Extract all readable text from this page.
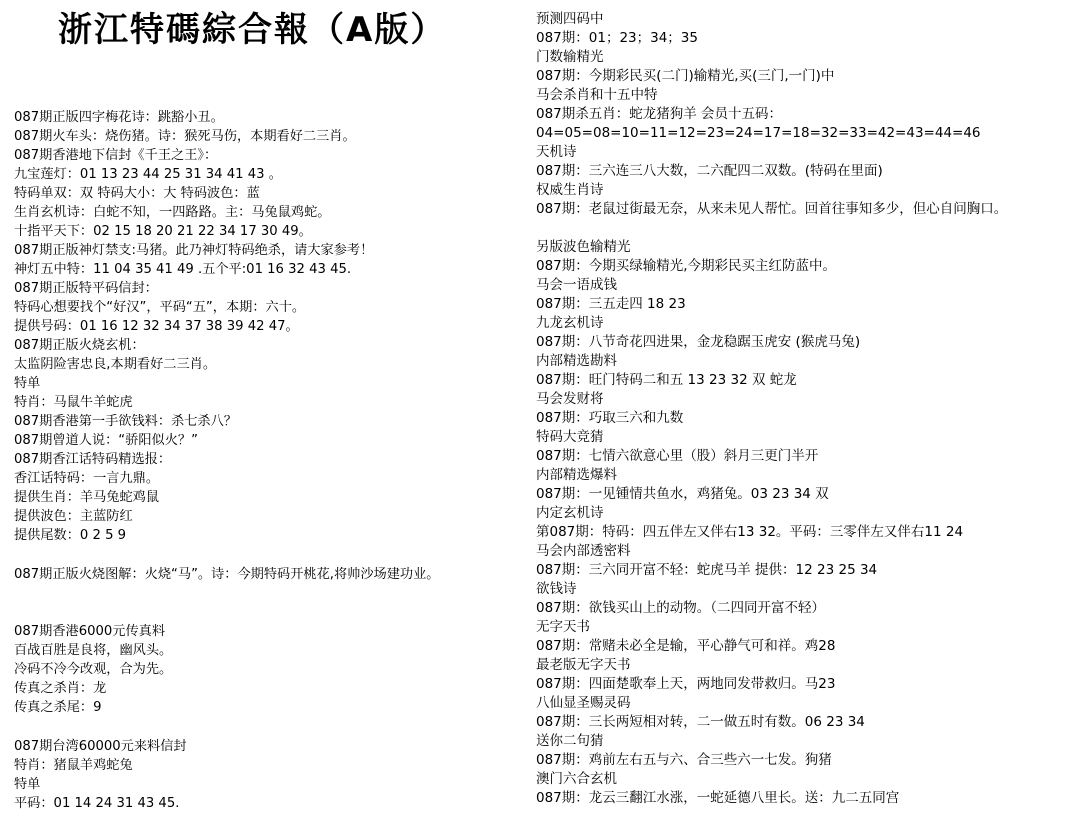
浙江特碼綜合報（A版）
087期正版四字梅花诗：跳豁小丑。
087期火车头：烧伤猪。诗：猴死马伤，本期看好二三肖。
087期香港地下信封《千王之王》：
九宝莲灯：01 13 23 44 25 31 34 41 43 。
特码单双：双 特码大小：大 特码波色：蓝
生肖玄机诗：白蛇不知，一四路路。主：马兔鼠鸡蛇。
十指平天下：02 15 18 20 21 22 34 17 30 49。
087期正版神灯禁支:马猪。此乃神灯特码绝杀，请大家参考！
神灯五中特：11 04 35 41 49 .五个平:01 16 32 43 45.
087期正版特平码信封：
特码心想要找个“好汉”，平码“五”，本期：六十。
提供号码：01 16 12 32 34 37 38 39 42 47。
087期正版火烧玄机：
太监阴险害忠良,本期看好二三肖。
特单
特肖：马鼠牛羊蛇虎
087期香港第一手欲钱料：杀七杀八？
087期曾道人说：“骄阳似火？”
087期香江话特码精选报：
香江话特码：一言九鼎。
提供生肖：羊马兔蛇鸡鼠
提供波色：主蓝防红
提供尾数：0 2 5 9
087期正版火烧图解：火烧“马”。诗：今期特码开桃花,将帅沙场建功业。
087期香港6000元传真料
百战百胜是良将，幽风头。
冷码不冷今改观，合为先。
传真之杀肖：龙
传真之杀尾：9
087期台湾60000元来料信封
特肖：猪鼠羊鸡蛇兔
特单
平码：01 14 24 31 43 45.
预测四码中
087期：01；23；34；35
门数输精光
087期：今期彩民买(二门)输精光,买(三门,一门)中
马会杀肖和十五中特
087期杀五肖：蛇龙猪狗羊 会员十五码：
04=05=08=10=11=12=23=24=17=18=32=33=42=43=44=46
天机诗
087期：三六连三八大数，二六配四二双数。(特码在里面)
权威生肖诗
087期：老鼠过街最无奈，从来未见人帮忙。回首往事知多少，但心自问胸口。
另版波色输精光
087期：今期买绿输精光,今期彩民买主红防蓝中。
马会一语成钱
087期：三五走四 18 23
九龙玄机诗
087期：八节奇花四进果，金龙稳踞玉虎安 (猴虎马兔)
内部精选勘料
087期：旺门特码二和五 13 23 32 双 蛇龙
马会发财将
087期：巧取三六和九数
特码大竞猜
087期：七情六欲意心里（股）斜月三更门半开
内部精选爆料
087期：一见锺情共鱼水，鸡猪兔。03 23 34 双
内定玄机诗
第087期：特码：四五伴左又伴右13 32。平码：三零伴左又伴右11 24
马会内部透密料
087期：三六同开富不轻：蛇虎马羊 提供：12 23 25 34
欲钱诗
087期：欲钱买山上的动物。（二四同开富不轻）
无字天书
087期：常赌未必全是输，平心静气可和祥。鸡28
最老版无字天书
087期：四面楚歌奉上天，两地同发带救归。马23
八仙显圣赐灵码
087期：三长两短相对转，二一做五时有数。06 23 34
送你二句猜
087期：鸡前左右五与六、合三些六一七发。狗猪
澳门六合玄机
087期：龙云三翻江水涨，一蛇延德八里长。送：九二五同宫
